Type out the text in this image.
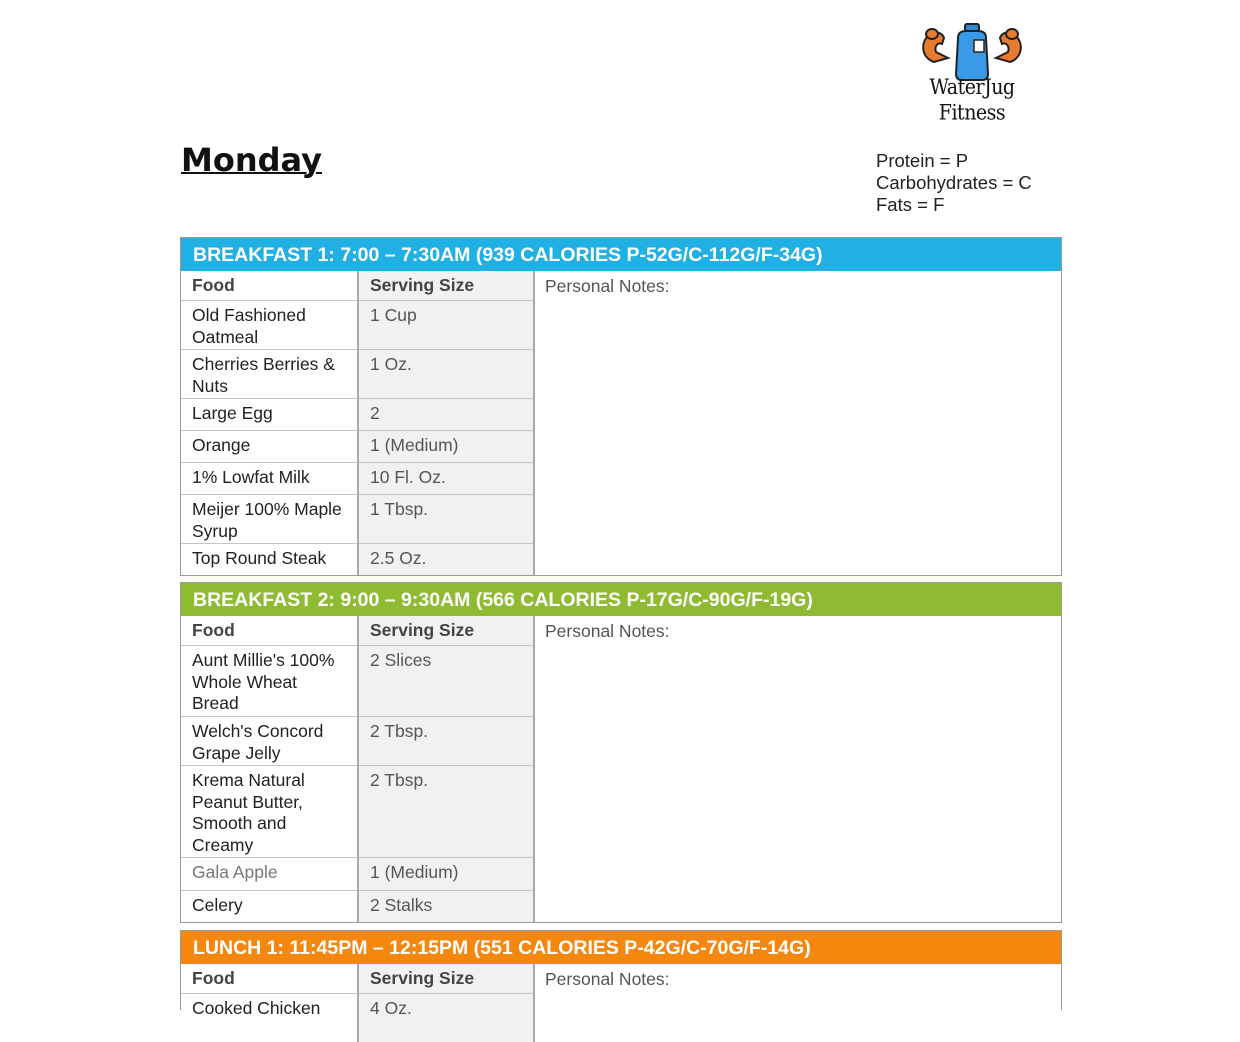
WaterJug Fitness
Monday	Protein = P
Carbohydrates = C
Fats = F
BREAKFAST 1: 7:00 – 7:30AM (939 CALORIES P-52G/C-112G/F-34G)
Food	Serving Size
Old Fashioned Oatmeal	1 Cup
Cherries Berries & Nuts	1 Oz.
Large Egg	2
Orange	1 (Medium)
1% Lowfat Milk	10 Fl. Oz.
Meijer 100% Maple Syrup	1 Tbsp.
Top Round Steak	2.5 Oz.
Personal Notes:
BREAKFAST 2: 9:00 – 9:30AM (566 CALORIES P-17G/C-90G/F-19G)
Food	Serving Size
Aunt Millie's 100% Whole Wheat Bread	2 Slices
Welch's Concord Grape Jelly	2 Tbsp.
Krema Natural Peanut Butter, Smooth and Creamy	2 Tbsp.
Gala Apple	1 (Medium)
Celery	2 Stalks
Personal Notes:
LUNCH 1: 11:45PM – 12:15PM (551 CALORIES P-42G/C-70G/F-14G)
Food	Serving Size
Cooked Chicken	4 Oz.
Personal Notes:
